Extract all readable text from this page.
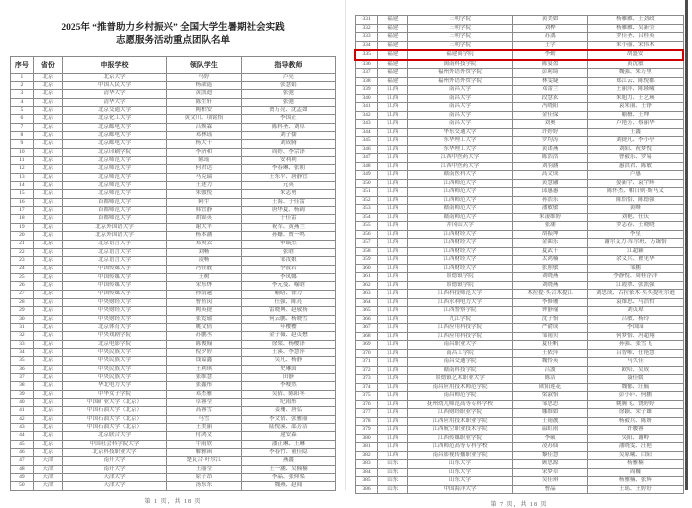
2025年 “推普助力乡村振兴” 全国大学生暑期社会实践
志愿服务活动重点团队名单
序号	省份	申报学校	领队学生	指导教师
1	北京	北京大学	马婷	卢亮
2	北京	中国人民大学	杨歆遥	张慧娟
3	北京	清华大学	黄凯迪	张弛
4	北京	清华大学	陈生轩	张弛
5	北京	北京交通大学	陶柏安	贾万亮、沈孟如
6	北京	北京化工大学	黄文川、项铭怡	李国正
7	北京	北京邮电大学	吕焕霖	陈科圣、刘卓
8	北京	北京邮电大学	邓林瑶	刘子儒
9	北京	北京邮电大学	杨大千	刘成腾
10	北京	北京印刷学院	李济和	周婷、李宗泽
11	北京	北京师范大学	陈瑶	安利利
12	北京	北京师范大学	何君达	李春琳、张朝
13	北京	北京师范大学	马克瑞	王东平、唐静宜
14	北京	北京师范大学	王述力	元英
15	北京	北京师范大学	朱傲悦	朱志勇
16	北京	首都师范大学	阿牛	王海、于佳雷
17	北京	首都师范大学	韩宜静	唐华夏、杨阔
18	北京	首都师范大学	胡锦英	于佳雷
19	北京	北京外国语大学	谢大平	祝军、黄燕兰
20	北京	北京外国语大学	杨本涵	孙姗、贾一鸣
21	北京	北京语言大学	邓英云	申瑞杰
22	北京	北京语言大学	刘畅	张晗
23	北京	北京语言大学	凌畅	邹汝娘
24	北京	中国传媒大学	冯佳靓	李波岩
25	北京	中国传媒大学	王树	李凤娜
26	北京	中国传媒大学	宋东烨	李元曼、喻晗
27	北京	中国传媒大学	孙清越	喻晗、徐力
28	北京	中央财经大学	曹鱼闵	任强、陈亮
29	北京	中央财经大学	陶英捷	雷晓典、赵敬扬
30	北京	中央财经大学	张霓瑜	何云鹏、杨晓雪
31	北京	北京体育大学	姚文倩	年樱樱
32	北京	中央戏剧学院	苏鹏丞	金子薇、赵贞懋
33	北京	北京电影学院	陈俊翰	徐梁、杨樱泽
34	北京	中央民族大学	倪夕婷	王溪、李慧萍
35	北京	中央民族大学	钱谥鑫	吴凡、杨静
36	北京	中央民族大学	王利琪	史琳茵
37	北京	中央民族大学	张维慧	田静
38	北京	华北电力大学	张鑫彤	李嗖然
39	北京	中华女子学院	邓杰雅	吴倩、陈阳冬
40	北京	中国矿业大学（北京）	卓睿莹	纪雨彤
41	北京	中国石油大学（北京）	高睿雪	姜珊、唐弘
42	北京	中国石油大学（北京）	马雪	李文倩、张雅丽
43	北京	中国石油大学（北京）	王美丽	陆悦溪、邵芳洁
44	北京	北京联合大学	付鸿文	逯安森
45	北京	中国社会科学院大学	牛雨欣	潘正琳、王琳
46	北京	北京科技职业大学	解雅函	李春竹、董佳隐
47	天津	南开大学	楚瓦合·叶尔江	燕鑫
48	天津	南开大学	王丽莹	王一涵、吴楠楠
49	天津	天津大学	原子昂	李晶、张仰渠
50	天津	天津大学	汤东东	魏燕、赵闻
第 1 页，共 18 页
331	福建	三明学院	黄美如	杨雁雁、王劲政
332	福建	三明学院	刘桦	杨雁雁、吴新莹
333	福建	三明学院	苏漓	罗佳圣、吕桂英
334	福建	三明学院	王学	朱小丽、宋伟木
335	福建	福建商学院	李勤	胡盛安
336	福建	闽南科技学院	陈宴盈	黄沈敏
337	福建	福州外语外贸学院	彭莉绮	魏强、朱万里
338	福建	福州外语外贸学院	林雯婕	郑江云、陈悦都
339	江西	南昌大学	邓蕾兰	王丽萍、陈隆曦
340	江西	南昌大学	段慧玄	朱旭力、王艺瑛
341	江西	南昌大学	冯晓阳	袁朱丽、王铮
342	江西	南昌大学	金佳保	喻檀、王坤
343	江西	南昌大学	刘奥	卢艳芳、蔡丽华
344	江西	华东交通大学	许婷婷	王鑫
345	江西	东华理工大学	罗均涛	刘捷凡、李小亭
346	江西	东华理工大学	黄诺燕	刘阳、祝梦悦
347	江西	江西中医药大学	陈浩浩	曹毅乐、罗易
348	江西	江西中医药大学	刘羽涵	惠洪君、陈敏
349	江西	赣南医科大学	高文成	卢惠
350	江西	江西师范大学	黄慧融	晏新宇、袁宇辉
351	江西	江西师范大学	邱惠惠	陈怀杰、帕日则·斯马义
352	江西	江西师范大学	孙浩乐	陈恰恰、陈德强
353	江西	赣南师范大学	潘敏敏	黄峰
354	江西	赣南师范大学	朱凄维婷	刘艳、任庆
355	江西	井冈山大学	张潮	罗志春、王晓晓
356	江西	江西财经大学	胡振坤	李星
357	江西	江西财经大学	金曲乐	谢尔艾力·库尔班、万臻怡
358	江西	江西财经大学	夏武干	江超颖
359	江西	江西财经大学	太鸿楠	余义兵、瞿见华
360	江西	江西财经大学	张照敏	邹鹏
361	江西	景德镇学院	刘晓燕	李静悦、周桂浮洋
362	江西	景德镇学院	刘晓燕	江霞翠、张凯强
363	江西	江西科技师范大学	木拉提·买合木提江	刘思成、古拉依木·买买提吐尔逊
364	江西	江西水利电力大学	李修珊	袁维思、马浩哲
365	江西	江西警察学院	钟静瑜	刘贞琼
366	江西	九江学院	沈子怡	吕敏、杨玲
367	江西	江西应用科技学院	严俞成	李国园
368	江西	江西应用科技学院	邹雨贝	何梦怡、冯超翔
369	江西	南昌职业大学	夏佳帆	孙强、张雪飞
370	江西	南昌工学院	王依萍	吕智唯、仕艳慧
371	江西	南昌交通学院	魏怜英	马久佳
372	江西	赣南科技学院	吕波	欧哈、吴成
373	江西	景德镇艺术职业大学	陈洁	聂佳媛
374	江西	南昌应用技术师范学院	欧阳莲花	魏郁、汪毓
375	江西	南昌师范学院	梁淑怡	彭小庐、何鹏
376	江西	抚州幼儿师范高等专科学校	邹思思	姚腾飞、饶婷婷
377	江西	江西财经职业学院	娜维如	徐颖、宋子雄
378	江西	江西应用技术职业学院	王雨靓	杨毅兵、陈妍
379	江西	江西航空职业技术学院	温虹雨	许腰睿
380	江西	江西传媒职业学院	李硕	吴阳、谢岭
381	江西	江西师范高等专科学校	凌苏仙	潘晓雯、汪艳
382	江西	南昌影视传播职业学院	黎佳慧	吴原曦、白阳
383	山东	山东大学	顾思源	杨雅楠
384	山东	山东大学	宋梦卓	周巍
385	山东	山东大学	吴佳琪	杨雅楠、张辉
386	山东	中国海洋大学	曹晶	王瑶、王婷好
第 7 页，共 18 页
